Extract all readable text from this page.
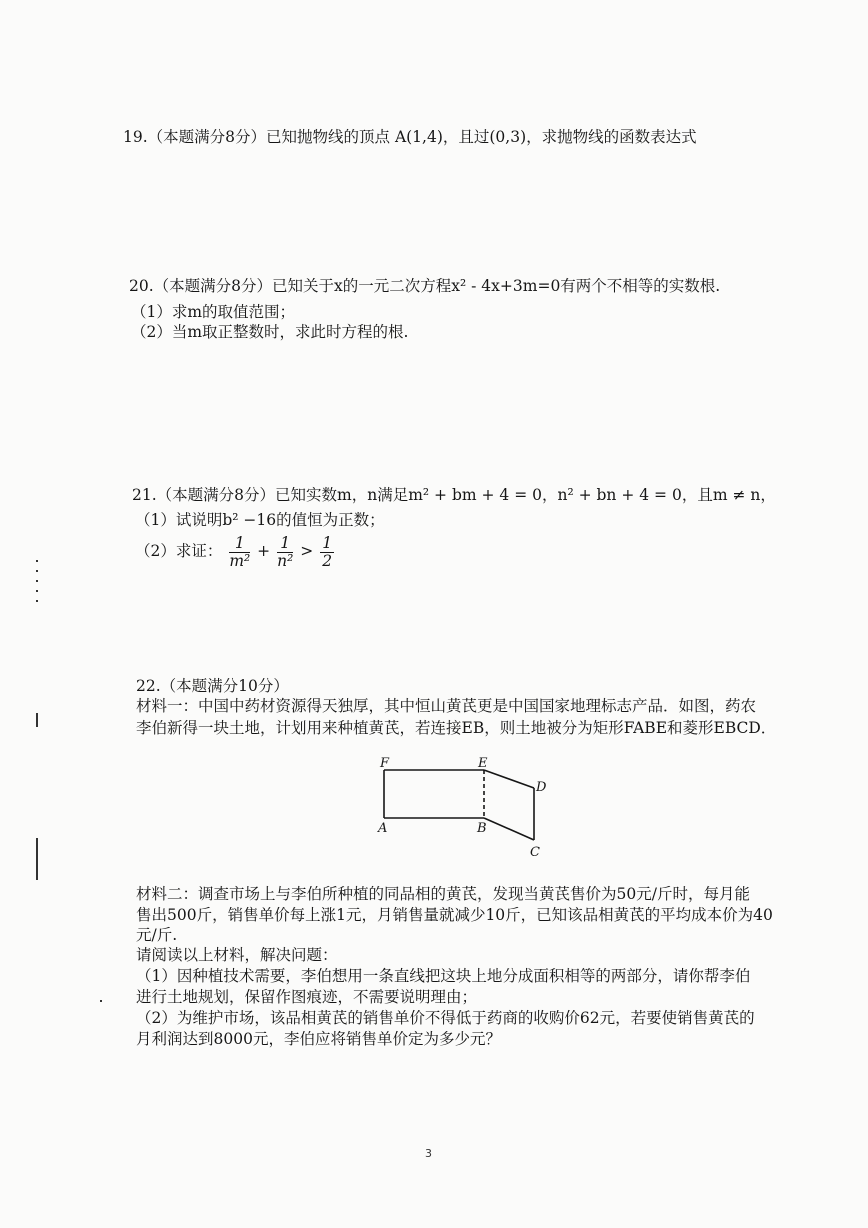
19.（本题满分8分）已知抛物线的顶点 A(1,4)，且过(0,3)，求抛物线的函数表达式
20.（本题满分8分）已知关于x的一元二次方程x² - 4x+3m=0有两个不相等的实数根.
（1）求m的取值范围；
（2）当m取正整数时，求此时方程的根.
21.（本题满分8分）已知实数m，n满足m² + bm + 4 = 0，n² + bn + 4 = 0，且m ≠ n，
（1）试说明b² −16的值恒为正数；
（2）求证： $\frac{1}{\text{m²}} + \frac{1}{\text{n²}} > \frac{1}{2}$
22.（本题满分10分）
材料一：中国中药材资源得天独厚，其中恒山黄芪更是中国国家地理标志产品．如图，药农
李伯新得一块土地，计划用来种植黄芪，若连接EB，则土地被分为矩形FABE和菱形EBCD．
F	E
D
A	B
C
材料二：调查市场上与李伯所种植的同品相的黄芪，发现当黄芪售价为50元/斤时，每月能
售出500斤，销售单价每上涨1元，月销售量就减少10斤，已知该品相黄芪的平均成本价为40
元/斤.
请阅读以上材料，解决问题：
（1）因种植技术需要，李伯想用一条直线把这块上地分成面积相等的两部分，请你帮李伯
进行土地规划，保留作图痕迹，不需要说明理由；
（2）为维护市场，该品相黄芪的销售单价不得低于药商的收购价62元，若要使销售黄芪的
月利润达到8000元，李伯应将销售单价定为多少元？
3
